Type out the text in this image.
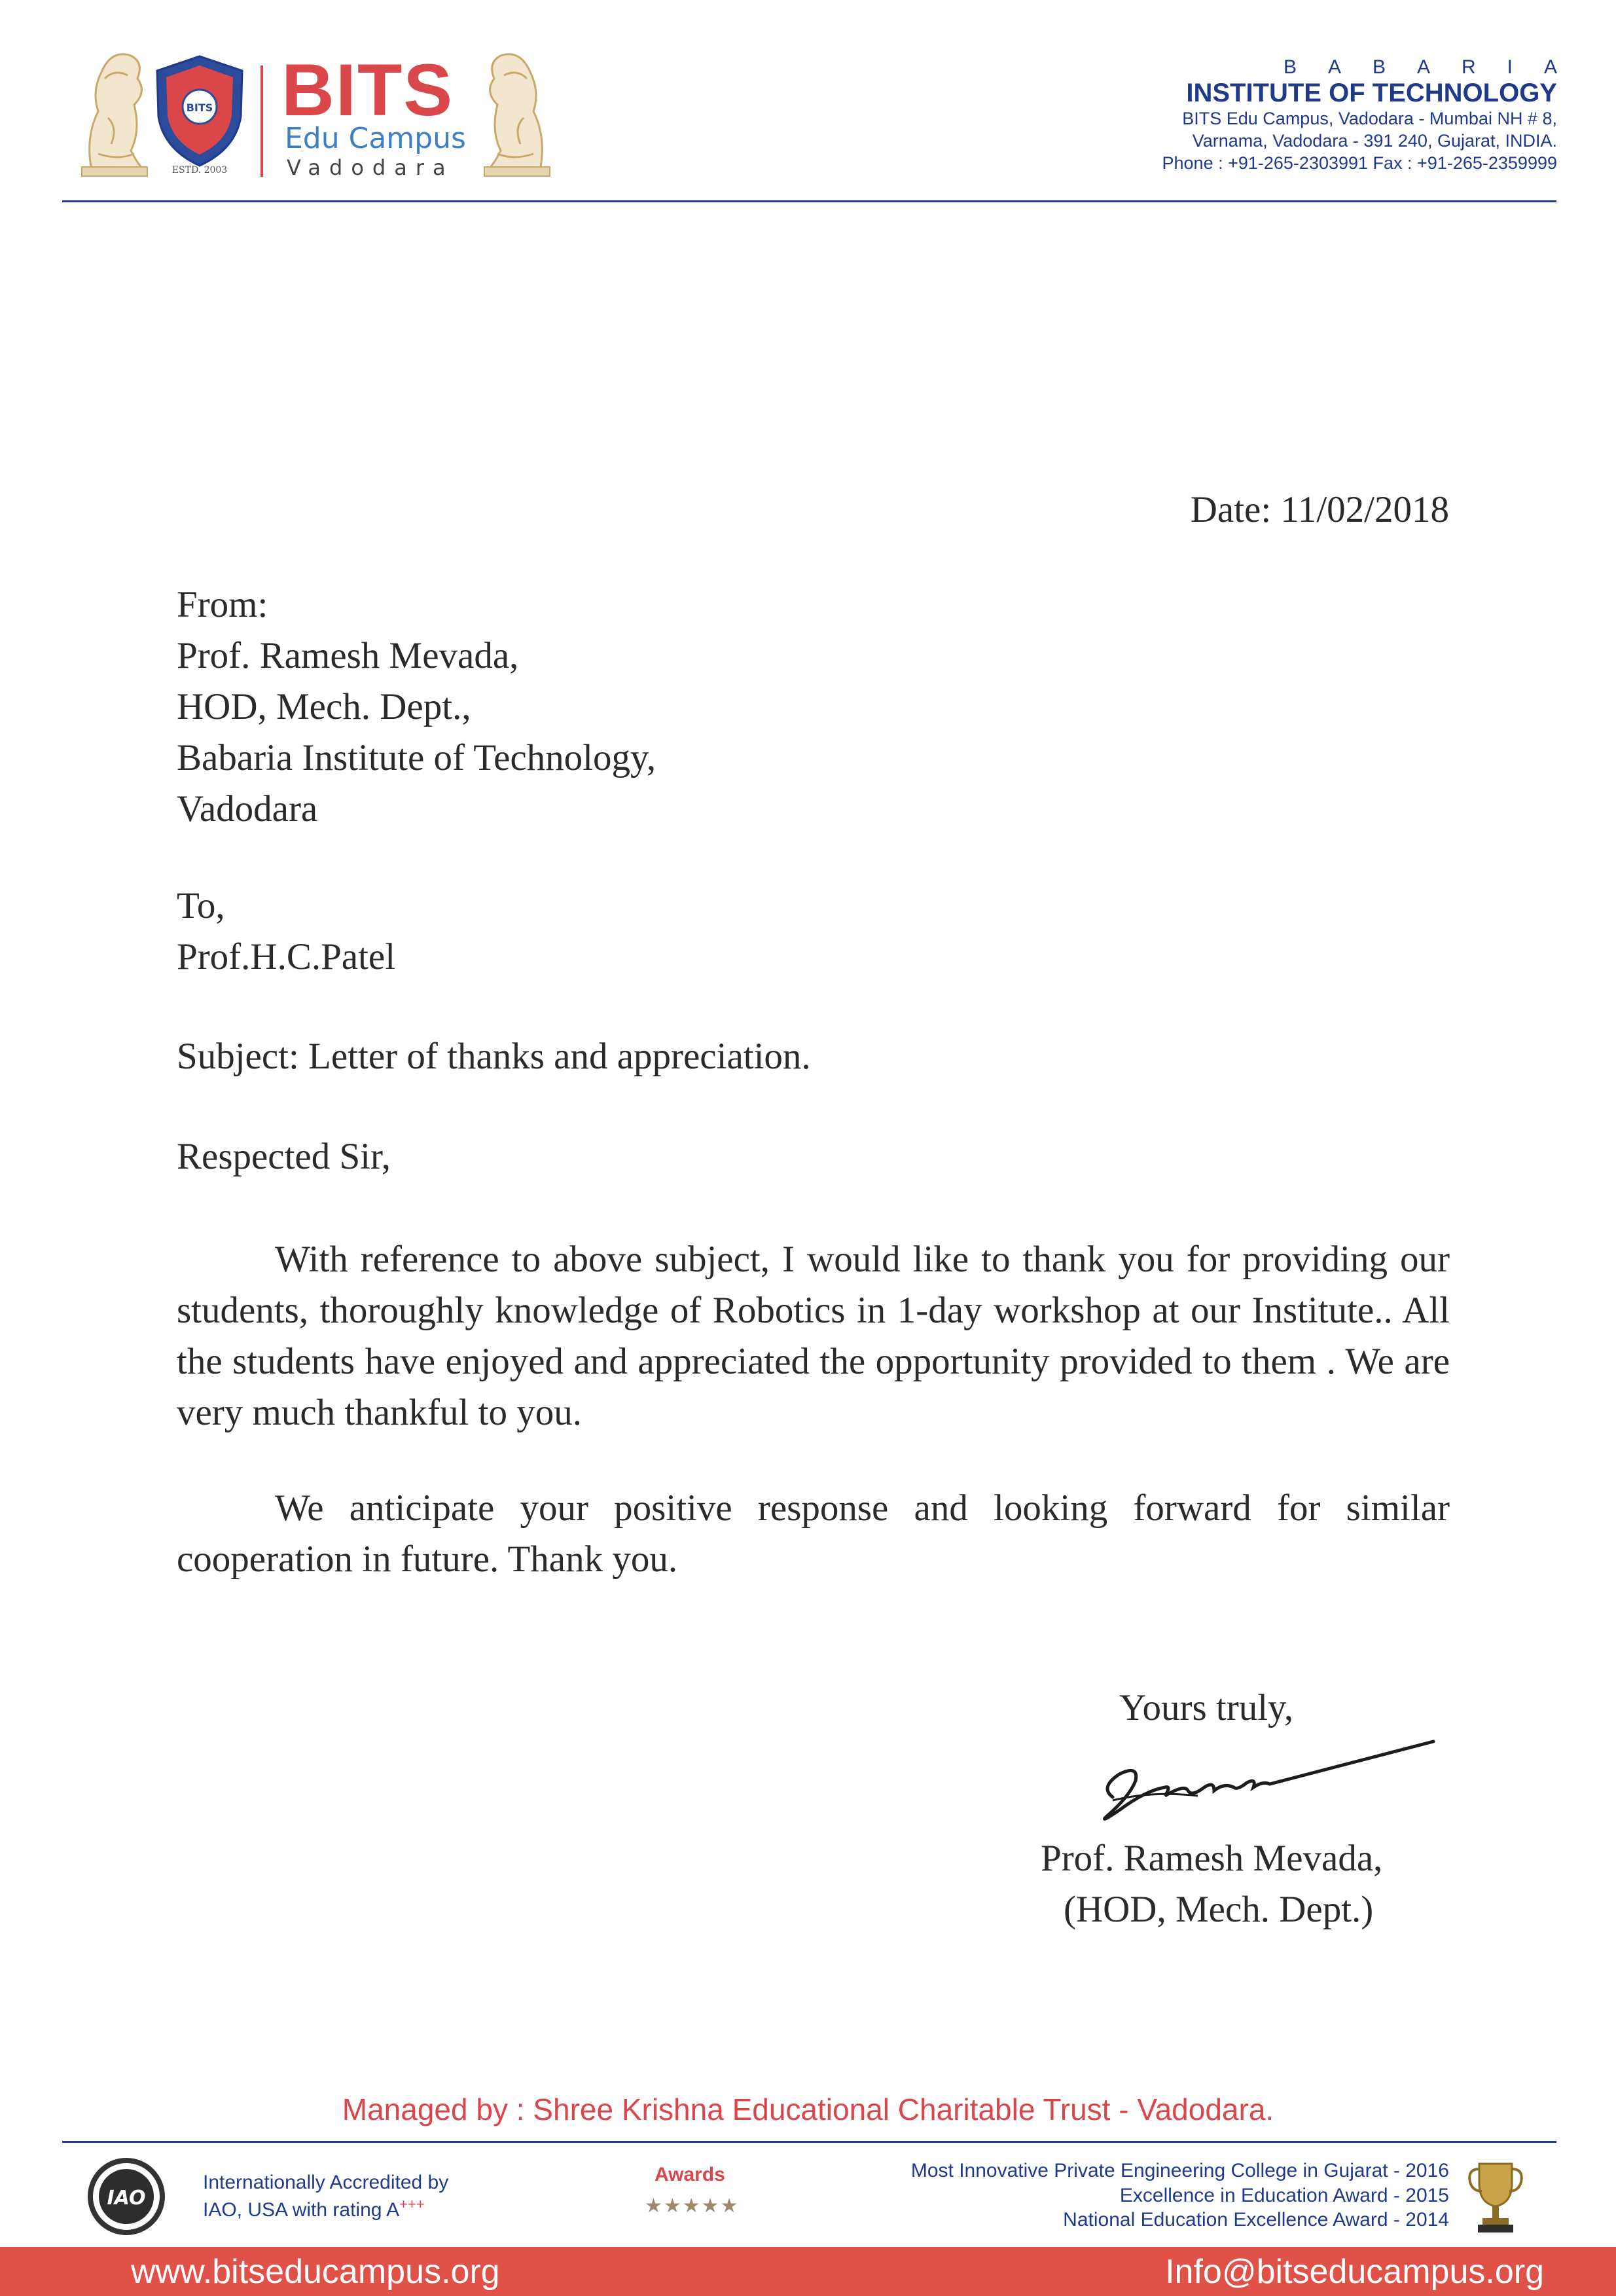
BITS
ESTD. 2003
BITS
Edu Campus
Vadodara
BABARIA
INSTITUTE OF TECHNOLOGY
BITS Edu Campus, Vadodara - Mumbai NH # 8,
Varnama, Vadodara - 391 240, Gujarat, INDIA.
Phone : +91-265-2303991 Fax : +91-265-2359999
Date: 11/02/2018
From:
Prof. Ramesh Mevada,
HOD, Mech. Dept.,
Babaria Institute of Technology,
Vadodara
To,
Prof.H.C.Patel
Subject: Letter of thanks and appreciation.
Respected Sir,
With reference to above subject, I would like to thank you for providing our students, thoroughly knowledge of Robotics in 1-day workshop at our Institute.. All the students have enjoyed and appreciated the opportunity provided to them . We are very much thankful to you.
We anticipate your positive response and looking forward for similar cooperation in future. Thank you.
Yours truly,
Prof. Ramesh Mevada,
(HOD, Mech. Dept.)
Managed by : Shree Krishna Educational Charitable Trust - Vadodara.
IAO
Internationally Accredited by
IAO, USA with rating A+++
Awards
★★★★★
Most Innovative Private Engineering College in Gujarat - 2016
Excellence in Education Award - 2015
National Education Excellence Award - 2014
www.bitseducampus.org	Info@bitseducampus.org
